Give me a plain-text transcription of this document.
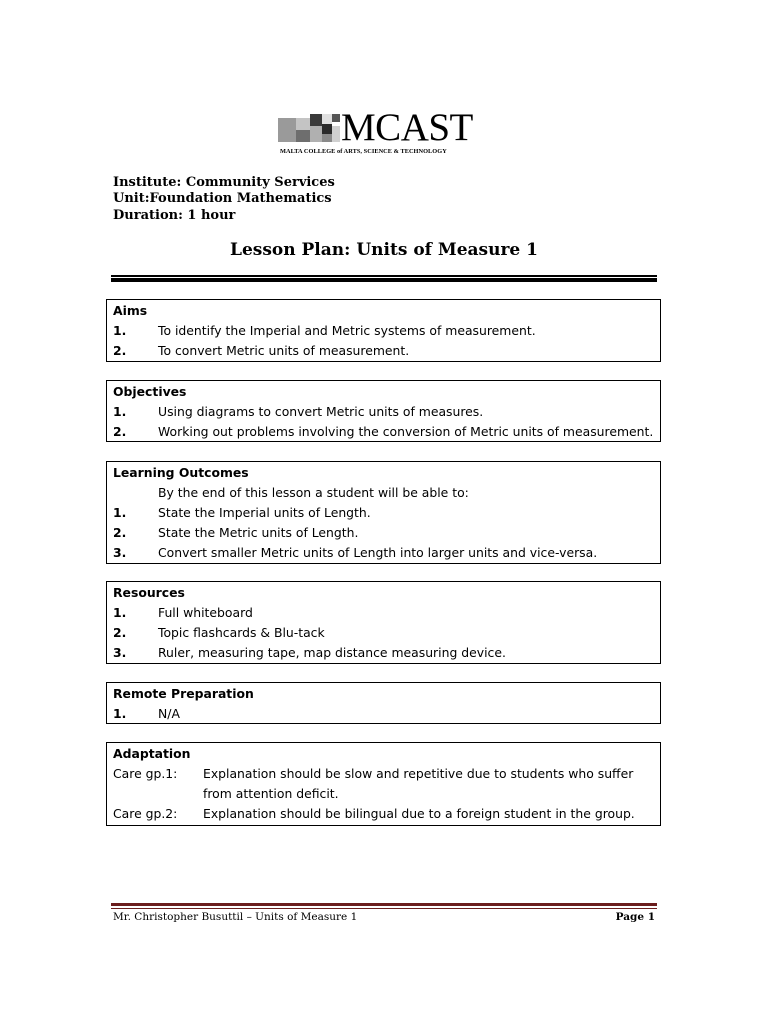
MCAST
MALTA COLLEGE of ARTS, SCIENCE & TECHNOLOGY
Institute: Community Services
Unit:Foundation Mathematics
Duration: 1 hour
Lesson Plan: Units of Measure 1
Aims
1.	To identify the Imperial and Metric systems of measurement.
2.	To convert Metric units of measurement.
Objectives
1.	Using diagrams to convert Metric units of measures.
2.	Working out problems involving the conversion of Metric units of measurement.
Learning Outcomes
By the end of this lesson a student will be able to:
1.	State the Imperial units of Length.
2.	State the Metric units of Length.
3.	Convert smaller Metric units of Length into larger units and vice-versa.
Resources
1.	Full whiteboard
2.	Topic flashcards & Blu-tack
3.	Ruler, measuring tape, map distance measuring device.
Remote Preparation
1.	N/A
Adaptation
Care gp.1: Explanation should be slow and repetitive due to students who suffer
from attention deficit.
Care gp.2: Explanation should be bilingual due to a foreign student in the group.
Mr. Christopher Busuttil – Units of Measure 1	Page 1
